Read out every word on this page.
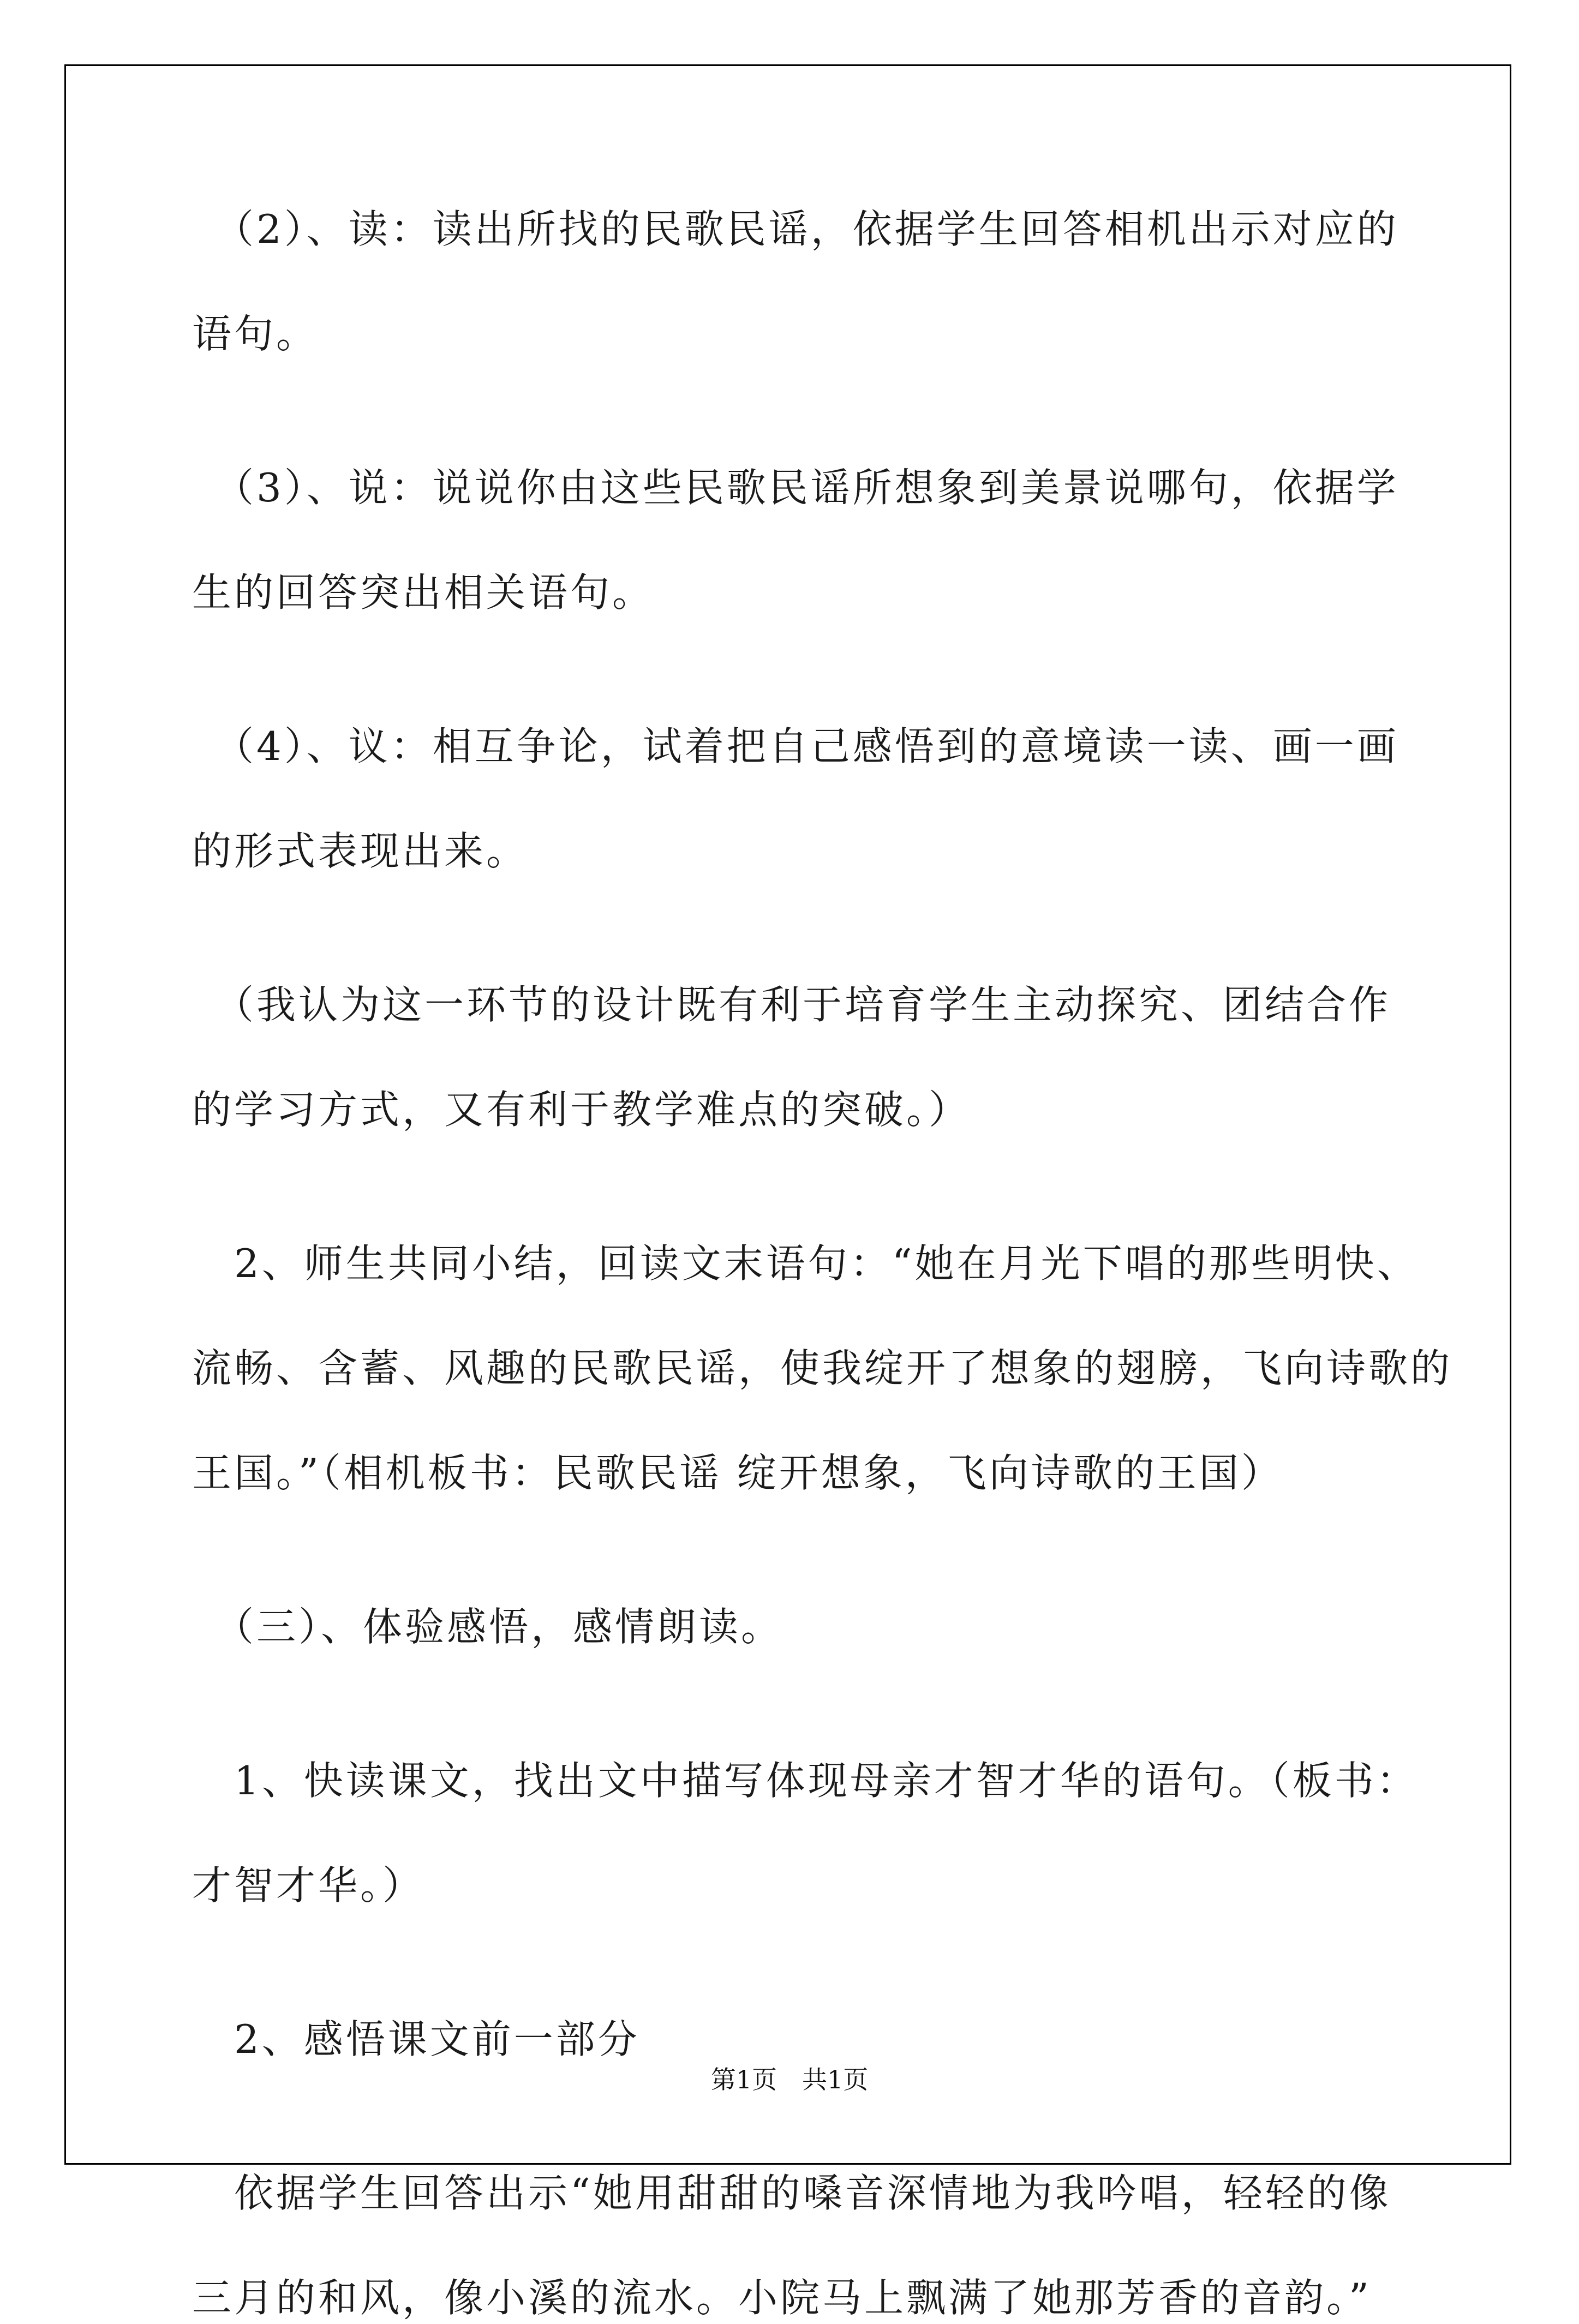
　（2）、读：读出所找的民歌民谣，依据学生回答相机出示对应的

语句。

　（3）、说：说说你由这些民歌民谣所想象到美景说哪句，依据学

生的回答突出相关语句。

　（4）、议：相互争论，试着把自己感悟到的意境读一读、画一画

的形式表现出来。

　（我认为这一环节的设计既有利于培育学生主动探究、团结合作

的学习方式，又有利于教学难点的突破。）

　2、师生共同小结，回读文末语句：“她在月光下唱的那些明快、

流畅、含蓄、风趣的民歌民谣，使我绽开了想象的翅膀，飞向诗歌的

王国。”（相机板书：民歌民谣 绽开想象，飞向诗歌的王国）

　（三）、体验感悟，感情朗读。

　1、快读课文，找出文中描写体现母亲才智才华的语句。（板书：

才智才华。）

　2、感悟课文前一部分

　依据学生回答出示“她用甜甜的嗓音深情地为我吟唱，轻轻的像

三月的和风，像小溪的流水。小院马上飘满了她那芳香的音韵。”

第1页　共1页
